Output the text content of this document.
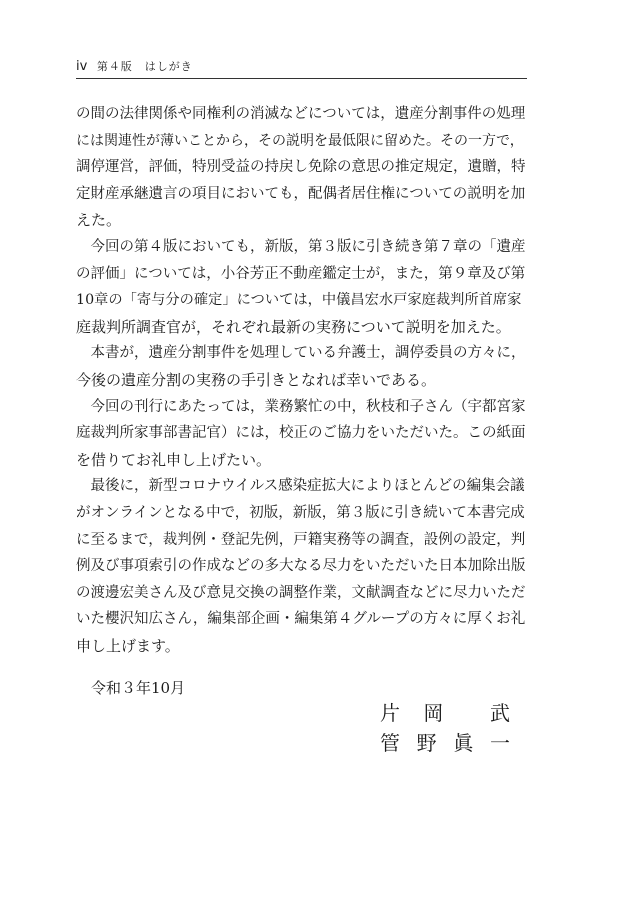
iv 第４版　はしがき
の間の法律関係や同権利の消滅などについては，遺産分割事件の処理
には関連性が薄いことから，その説明を最低限に留めた。その一方で，
調停運営，評価，特別受益の持戻し免除の意思の推定規定，遺贈，特
定財産承継遺言の項目においても，配偶者居住権についての説明を加
えた。
　今回の第４版においても，新版，第３版に引き続き第７章の「遺産
の評価」については，小谷芳正不動産鑑定士が，また，第９章及び第
10章の「寄与分の確定」については，中儀昌宏水戸家庭裁判所首席家
庭裁判所調査官が，それぞれ最新の実務について説明を加えた。
　本書が，遺産分割事件を処理している弁護士，調停委員の方々に，
今後の遺産分割の実務の手引きとなれば幸いである。
　今回の刊行にあたっては，業務繁忙の中，秋枝和子さん（宇都宮家
庭裁判所家事部書記官）には，校正のご協力をいただいた。この紙面
を借りてお礼申し上げたい。
　最後に，新型コロナウイルス感染症拡大によりほとんどの編集会議
がオンラインとなる中で，初版，新版，第３版に引き続いて本書完成
に至るまで，裁判例・登記先例，戸籍実務等の調査，設例の設定，判
例及び事項索引の作成などの多大なる尽力をいただいた日本加除出版
の渡邊宏美さん及び意見交換の調整作業，文献調査などに尽力いただ
いた櫻沢知広さん，編集部企画・編集第４グループの方々に厚くお礼
申し上げます。
令和３年10月
片 岡 武
管 野 眞 一
